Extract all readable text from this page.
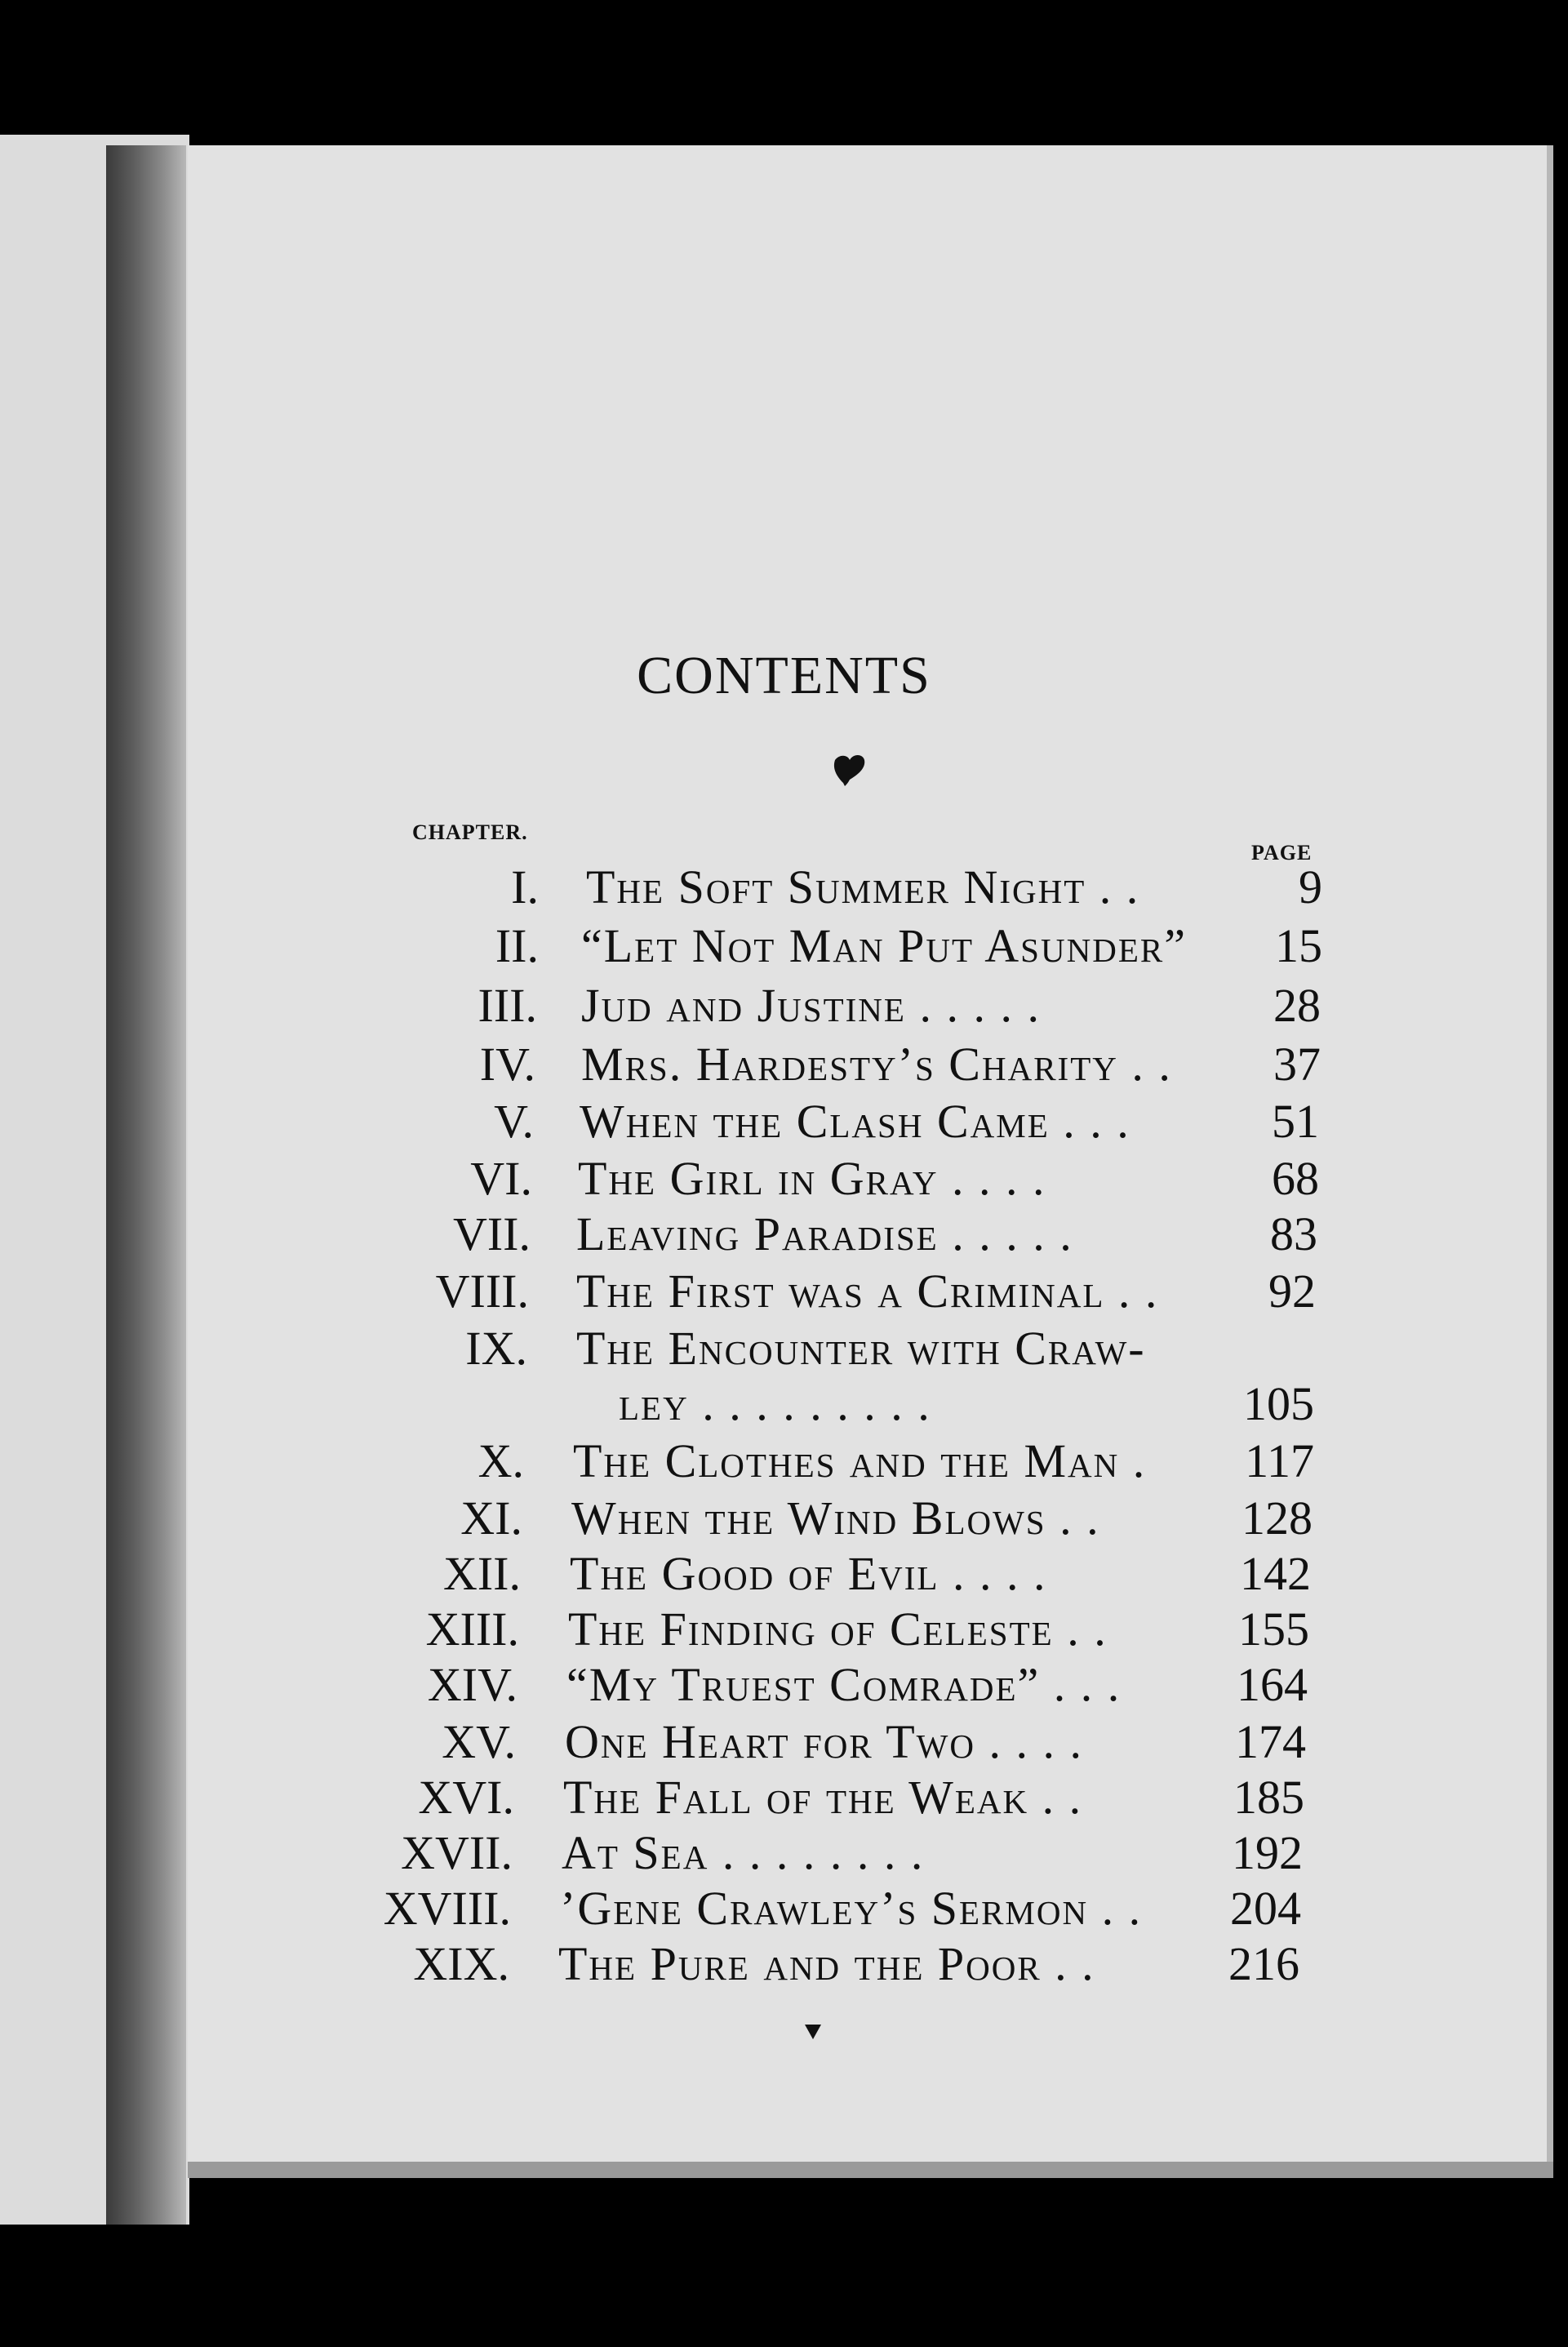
CONTENTS
CHAPTER.
PAGE
I. The Soft Summer Night . .	9
II. “Let Not Man Put Asunder”	15
III. Jud and Justine . . . . .	28
IV. Mrs. Hardesty’s Charity . .	37
V. When the Clash Came . . .	51
VI. The Girl in Gray . . . .	68
VII. Leaving Paradise . . . . .	83
VIII. The First was a Criminal . .	92
IX. The Encounter with Craw-
ley . . . . . . . . .	105
X. The Clothes and the Man .	117
XI. When the Wind Blows . .	128
XII. The Good of Evil . . . .	142
XIII. The Finding of Celeste . .	155
XIV. “My Truest Comrade” . . .	164
XV. One Heart for Two . . . .	174
XVI. The Fall of the Weak . .	185
XVII. At Sea . . . . . . . .	192
XVIII. ’Gene Crawley’s Sermon . .	204
XIX. The Pure and the Poor . .	216
